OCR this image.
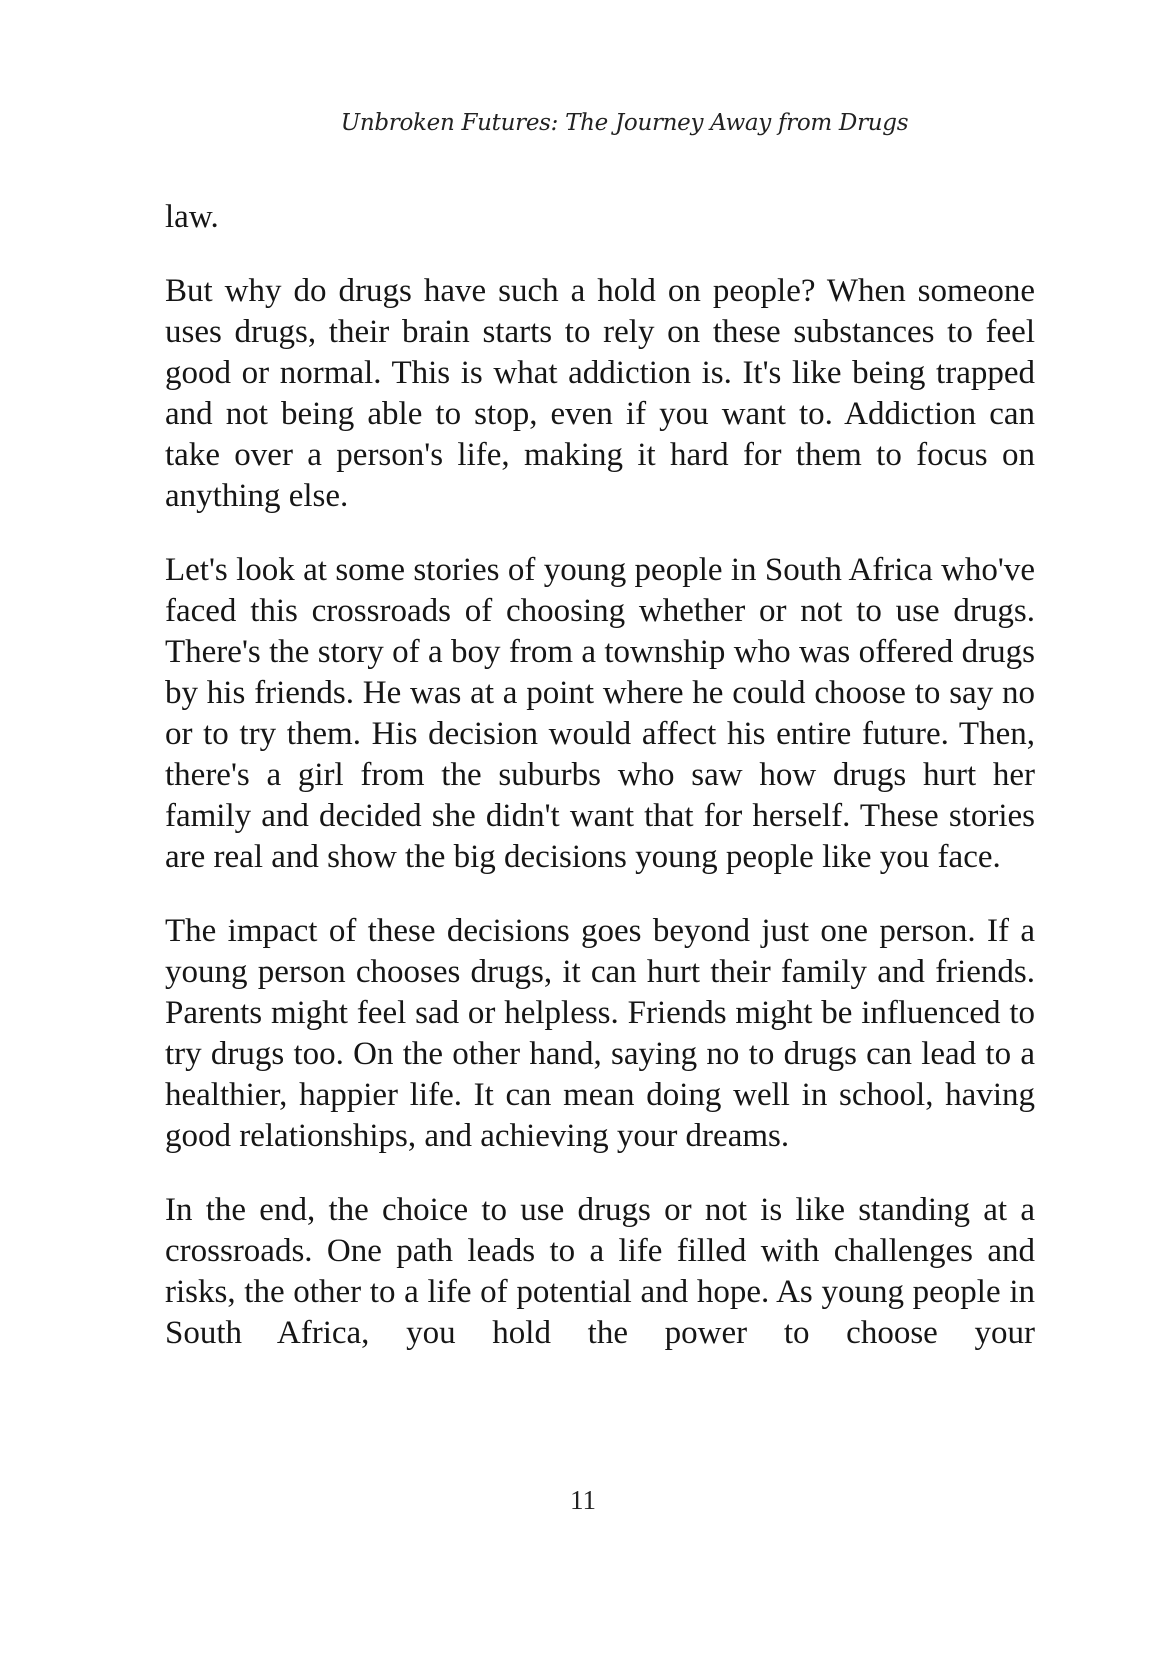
Unbroken Futures: The Journey Away from Drugs

law.

But why do drugs have such a hold on people? When someone uses drugs, their brain starts to rely on these substances to feel good or normal. This is what addiction is. It's like being trapped and not being able to stop, even if you want to. Addiction can take over a person's life, making it hard for them to focus on anything else.

Let's look at some stories of young people in South Africa who've faced this crossroads of choosing whether or not to use drugs. There's the story of a boy from a township who was offered drugs by his friends. He was at a point where he could choose to say no or to try them. His decision would affect his entire future. Then, there's a girl from the suburbs who saw how drugs hurt her family and decided she didn't want that for herself. These stories are real and show the big decisions young people like you face.

The impact of these decisions goes beyond just one person. If a young person chooses drugs, it can hurt their family and friends. Parents might feel sad or helpless. Friends might be influenced to try drugs too. On the other hand, saying no to drugs can lead to a healthier, happier life. It can mean doing well in school, having good relationships, and achieving your dreams.

In the end, the choice to use drugs or not is like standing at a crossroads. One path leads to a life filled with challenges and risks, the other to a life of potential and hope. As young people in South Africa, you hold the power to choose your

11
